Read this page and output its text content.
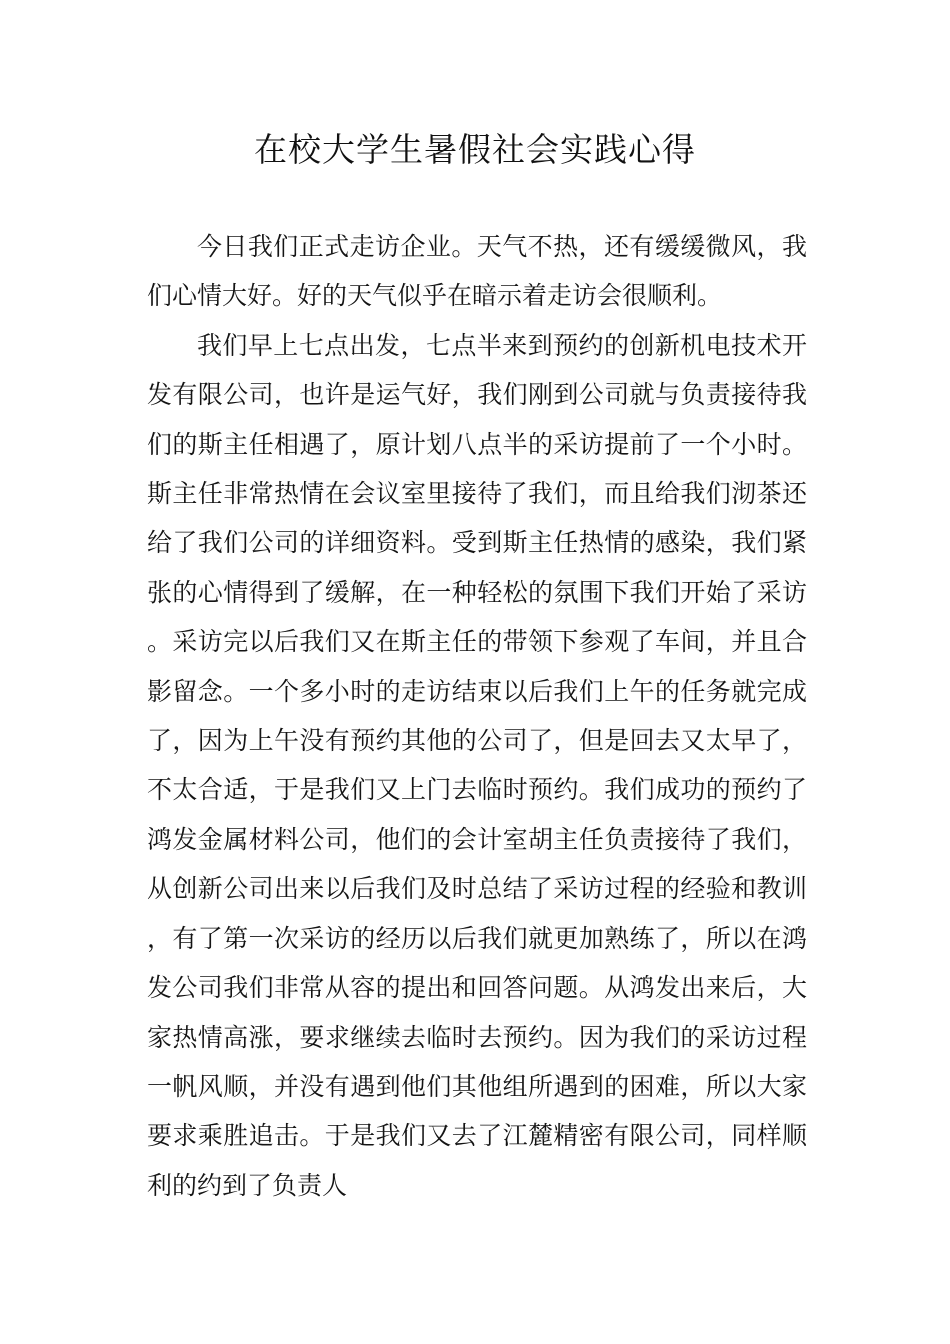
在校大学生暑假社会实践心得

今日我们正式走访企业。天气不热，还有缓缓微风，我们心情大好。好的天气似乎在暗示着走访会很顺利。

我们早上七点出发，七点半来到预约的创新机电技术开发有限公司，也许是运气好，我们刚到公司就与负责接待我们的斯主任相遇了，原计划八点半的采访提前了一个小时。斯主任非常热情在会议室里接待了我们，而且给我们沏茶还给了我们公司的详细资料。受到斯主任热情的感染，我们紧张的心情得到了缓解，在一种轻松的氛围下我们开始了采访。采访完以后我们又在斯主任的带领下参观了车间，并且合影留念。一个多小时的走访结束以后我们上午的任务就完成了，因为上午没有预约其他的公司了，但是回去又太早了，不太合适，于是我们又上门去临时预约。我们成功的预约了鸿发金属材料公司，他们的会计室胡主任负责接待了我们，从创新公司出来以后我们及时总结了采访过程的经验和教训，有了第一次采访的经历以后我们就更加熟练了，所以在鸿发公司我们非常从容的提出和回答问题。从鸿发出来后，大家热情高涨，要求继续去临时去预约。因为我们的采访过程一帆风顺，并没有遇到他们其他组所遇到的困难，所以大家要求乘胜追击。于是我们又去了江麓精密有限公司，同样顺利的约到了负责人
